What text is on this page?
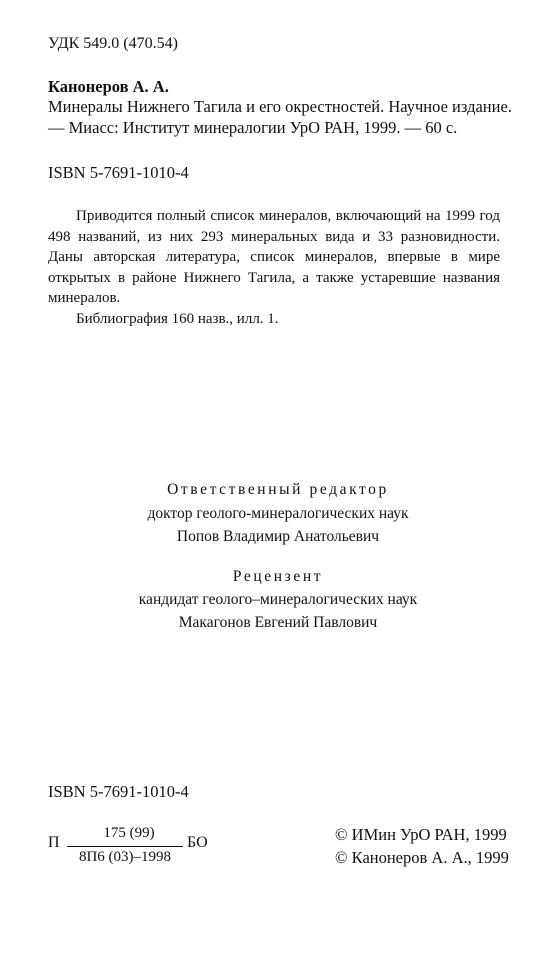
УДК 549.0 (470.54)
Канонеров А. А.
Минералы Нижнего Тагила и его окрестностей. Научное издание.
— Миасс: Институт минералогии УрО РАН, 1999. — 60 с.
ISBN 5-7691-1010-4

Приводится полный список минералов, включающий на 1999 год 498 названий, из них 293 минеральных вида и 33 разновидности. Даны авторская литература, список минералов, впервые в мире открытых в районе Нижнего Тагила, а также устаревшие названия минералов.

Библиография 160 назв., илл. 1.

Ответственный редактор
доктор геолого-минералогических наук
Попов Владимир Анатольевич
Рецензент
кандидат геолого–минералогических наук
Макагонов Евгений Павлович
ISBN 5-7691-1010-4
П
175 (99)
8П6 (03)–1998
БО	© ИМин УрО РАН, 1999
© Канонеров А. А., 1999
